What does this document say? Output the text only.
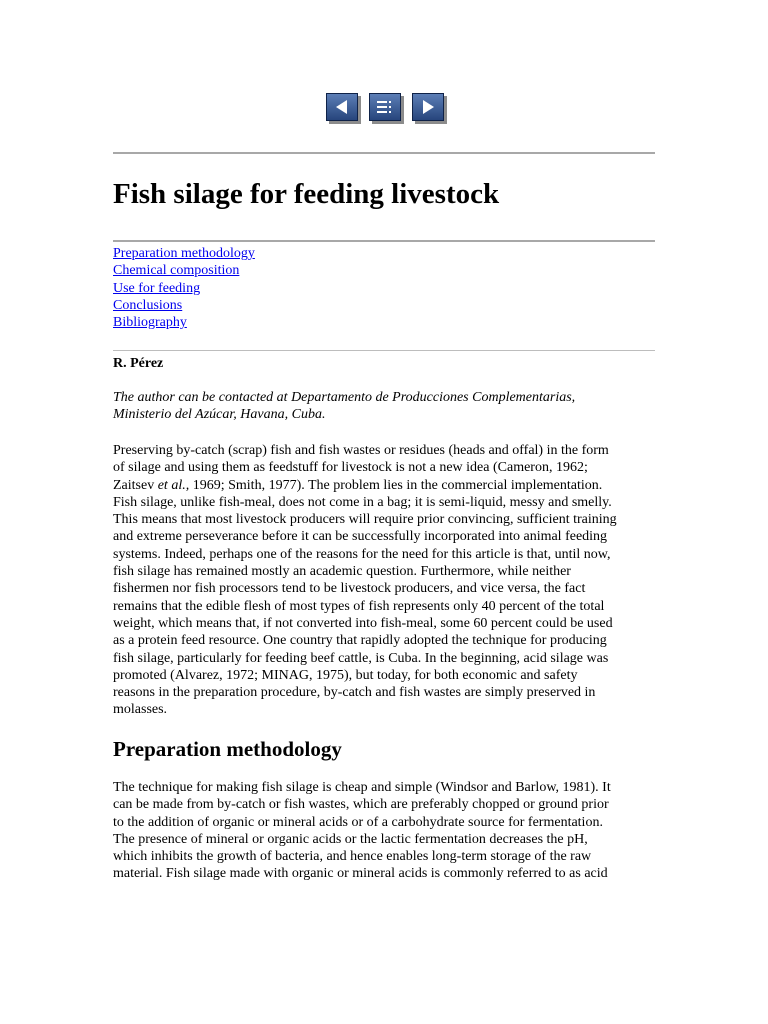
Fish silage for feeding livestock
Preparation methodology
Chemical composition
Use for feeding
Conclusions
Bibliography

R. Pérez

The author can be contacted at Departamento de Producciones Complementarias,
Ministerio del Azúcar, Havana, Cuba.

Preserving by-catch (scrap) fish and fish wastes or residues (heads and offal) in the form
of silage and using them as feedstuff for livestock is not a new idea (Cameron, 1962;
Zaitsev et al., 1969; Smith, 1977). The problem lies in the commercial implementation.
Fish silage, unlike fish-meal, does not come in a bag; it is semi-liquid, messy and smelly.
This means that most livestock producers will require prior convincing, sufficient training
and extreme perseverance before it can be successfully incorporated into animal feeding
systems. Indeed, perhaps one of the reasons for the need for this article is that, until now,
fish silage has remained mostly an academic question. Furthermore, while neither
fishermen nor fish processors tend to be livestock producers, and vice versa, the fact
remains that the edible flesh of most types of fish represents only 40 percent of the total
weight, which means that, if not converted into fish-meal, some 60 percent could be used
as a protein feed resource. One country that rapidly adopted the technique for producing
fish silage, particularly for feeding beef cattle, is Cuba. In the beginning, acid silage was
promoted (Alvarez, 1972; MINAG, 1975), but today, for both economic and safety
reasons in the preparation procedure, by-catch and fish wastes are simply preserved in
molasses.

Preparation methodology

The technique for making fish silage is cheap and simple (Windsor and Barlow, 1981). It
can be made from by-catch or fish wastes, which are preferably chopped or ground prior
to the addition of organic or mineral acids or of a carbohydrate source for fermentation.
The presence of mineral or organic acids or the lactic fermentation decreases the pH,
which inhibits the growth of bacteria, and hence enables long-term storage of the raw
material. Fish silage made with organic or mineral acids is commonly referred to as acid
